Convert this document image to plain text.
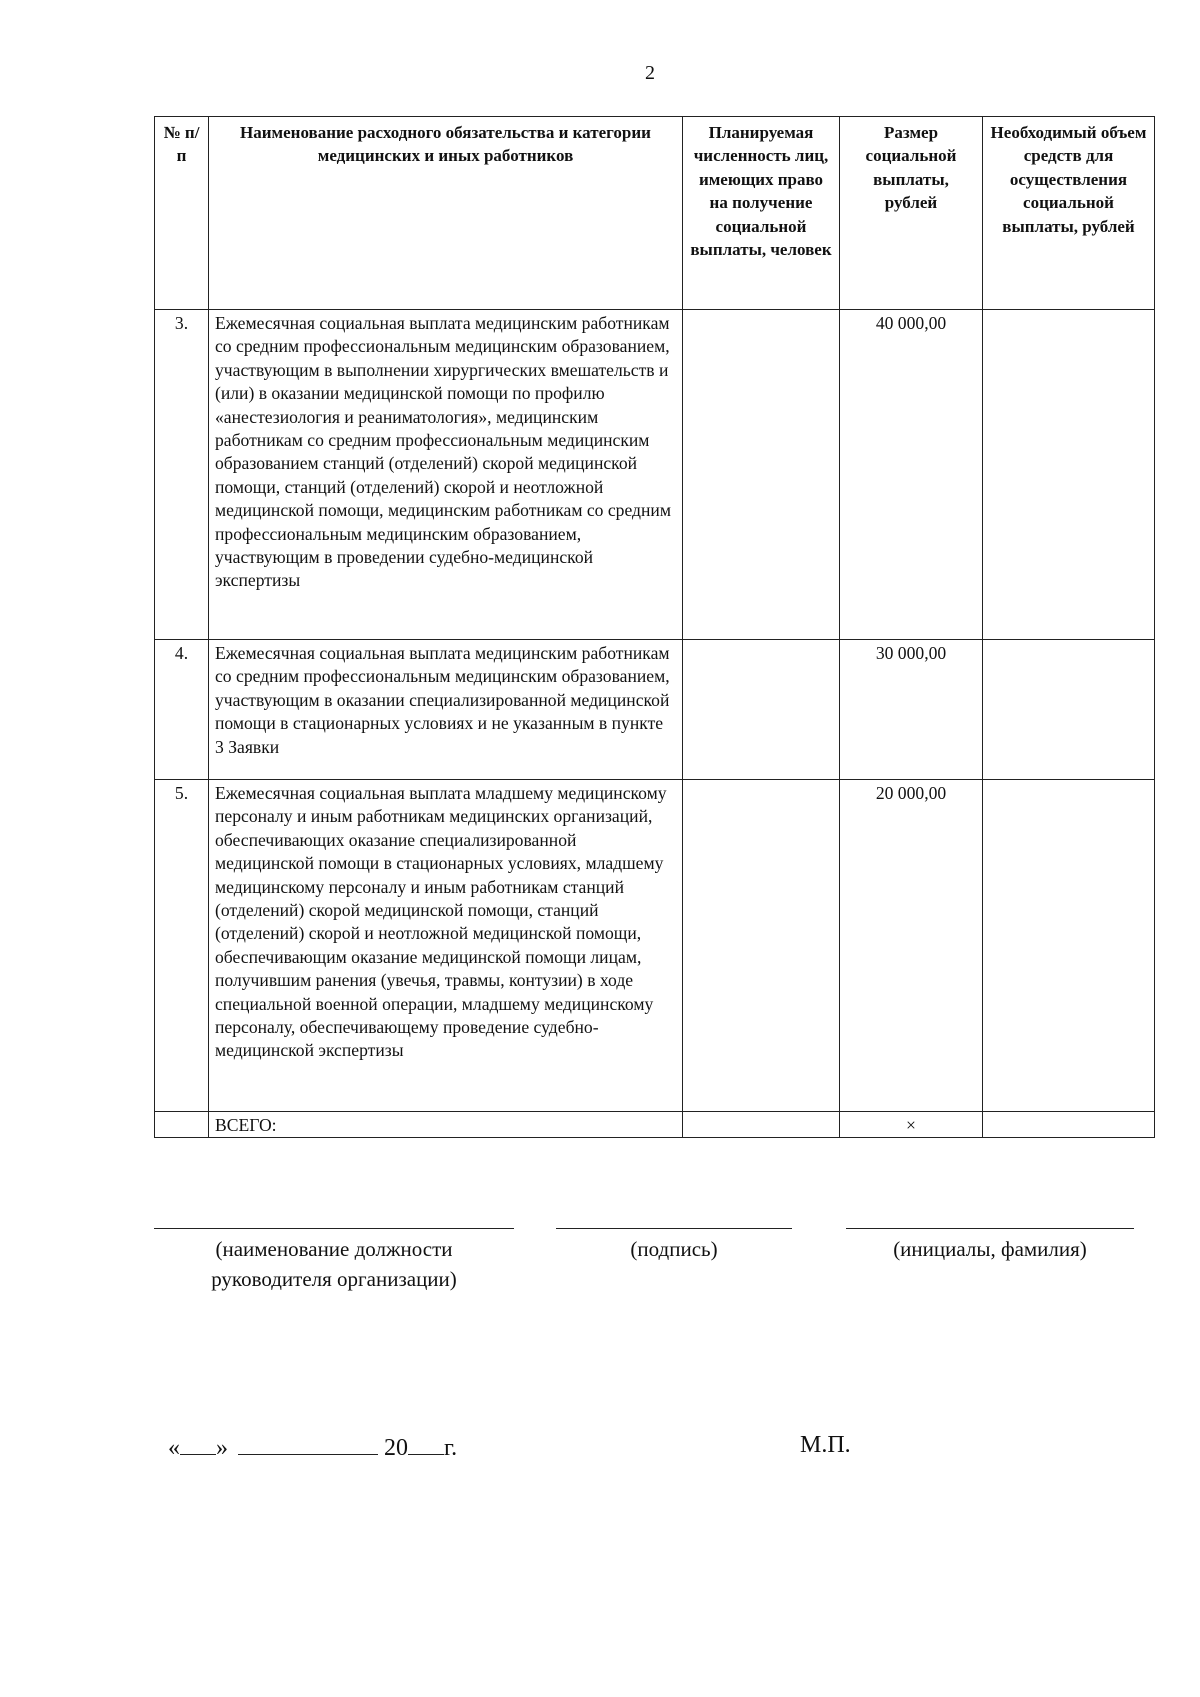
2
№ п/п	Наименование расходного обязательства и категории медицинских и иных работников	Планируемая численность лиц, имеющих право на получение социальной выплаты, человек	Размер социальной выплаты, рублей	Необходимый объем средств для осуществления социальной выплаты, рублей
3.	Ежемесячная социальная выплата медицинским работникам со средним профессиональным медицинским образованием, участвующим в выполнении хирургических вмешательств и (или) в оказании медицинской помощи по профилю «анестезиология и реаниматология», медицинским работникам со средним профессиональным медицинским образованием станций (отделений) скорой медицинской помощи, станций (отделений) скорой и неотложной медицинской помощи, медицинским работникам со средним профессиональным медицинским образованием, участвующим в проведении судебно-медицинской экспертизы		40 000,00	
4.	Ежемесячная социальная выплата медицинским работникам со средним профессиональным медицинским образованием, участвующим в оказании специализированной медицинской помощи в стационарных условиях и не указанным в пункте 3 Заявки		30 000,00	
5.	Ежемесячная социальная выплата младшему медицинскому персоналу и иным работникам медицинских организаций, обеспечивающих оказание специализированной медицинской помощи в стационарных условиях, младшему медицинскому персоналу и иным работникам станций (отделений) скорой медицинской помощи, станций (отделений) скорой и неотложной медицинской помощи, обеспечивающим оказание медицинской помощи лицам, получившим ранения (увечья, травмы, контузии) в ходе специальной военной операции, младшему медицинскому персоналу, обеспечивающему проведение судебно-медицинской экспертизы		20 000,00	
	ВСЕГО:		×	
(наименование должности руководителя организации)
(подпись)	(инициалы, фамилия)
« »	20 г.	М.П.
